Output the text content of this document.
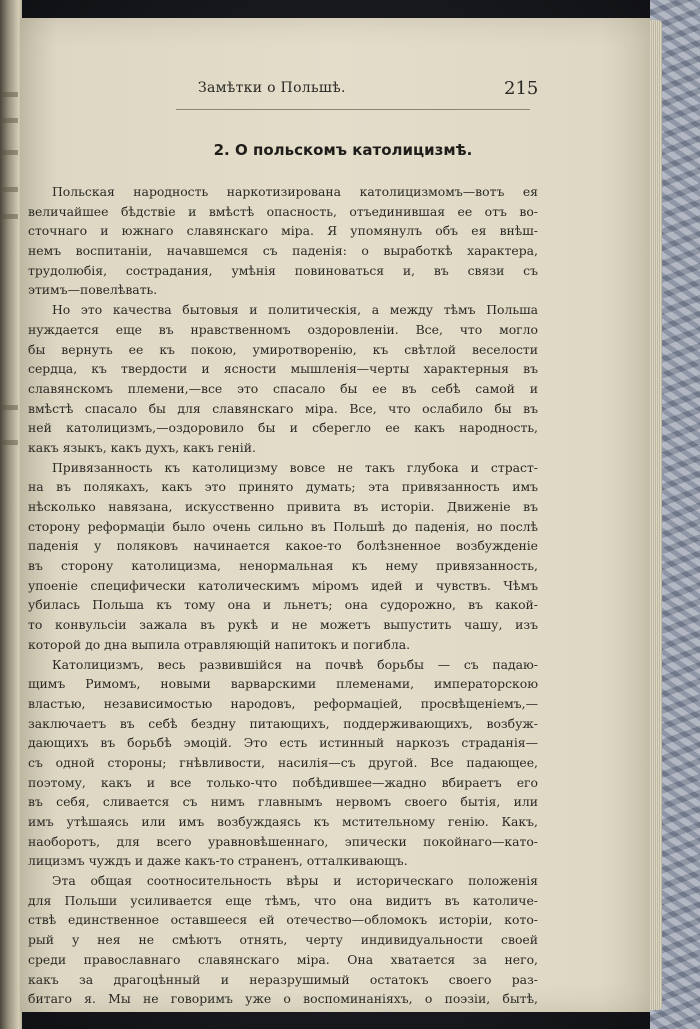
Замѣтки о Польшѣ.	215
2. О польскомъ католицизмѣ.
Польская народность наркотизирована католицизмомъ—вотъ ея
величайшее бѣдствіе и вмѣстѣ опасность, отъединившая ее отъ во-
сточнаго и южнаго славянскаго міра. Я упомянулъ объ ея внѣш-
немъ воспитаніи, начавшемся съ паденія: о выработкѣ характера,
трудолюбія, сострадания, умѣнія повиноваться и, въ связи съ
этимъ—повелѣвать.
Но это качества бытовыя и политическія, а между тѣмъ Польша
нуждается еще въ нравственномъ оздоровленіи. Все, что могло
бы вернуть ее къ покою, умиротворенію, къ свѣтлой веселости
сердца, къ твердости и ясности мышленія—черты характерныя въ
славянскомъ племени,—все это спасало бы ее въ себѣ самой и
вмѣстѣ спасало бы для славянскаго міра. Все, что ослабило бы въ
ней католицизмъ,—оздоровило бы и сберегло ее какъ народность,
какъ языкъ, какъ духъ, какъ геній.
Привязанность къ католицизму вовсе не такъ глубока и страст-
на въ полякахъ, какъ это принято думать; эта привязанность имъ
нѣсколько навязана, искусственно привита въ исторіи. Движеніе въ
сторону реформаціи было очень сильно въ Польшѣ до паденія, но послѣ
паденія у поляковъ начинается какое-то болѣзненное возбужденіе
въ сторону католицизма, ненормальная къ нему привязанность,
упоеніе специфически католическимъ міромъ идей и чувствъ. Чѣмъ
убилась Польша къ тому она и льнетъ; она судорожно, въ какой-
то конвульсіи зажала въ рукѣ и не можетъ выпустить чашу, изъ
которой до дна выпила отравляющій напитокъ и погибла.
Католицизмъ, весь развившійся на почвѣ борьбы — съ падаю-
щимъ Римомъ, новыми варварскими племенами, императорскою
властью, независимостью народовъ, реформаціей, просвѣщеніемъ,—
заключаетъ въ себѣ бездну питающихъ, поддерживающихъ, возбуж-
дающихъ въ борьбѣ эмоцій. Это есть истинный наркозъ страданія—
съ одной стороны; гнѣвливости, насилія—съ другой. Все падающее,
поэтому, какъ и все только-что побѣдившее—жадно вбираетъ его
въ себя, сливается съ нимъ главнымъ нервомъ своего бытія, или
имъ утѣшаясь или имъ возбуждаясь къ мстительному генію. Какъ,
наоборотъ, для всего уравновѣшеннаго, эпически покойнаго—като-
лицизмъ чуждъ и даже какъ-то страненъ, отталкивающъ.
Эта общая соотносительность вѣры и историческаго положенія
для Польши усиливается еще тѣмъ, что она видитъ въ католиче-
ствѣ единственное оставшееся ей отечество—обломокъ исторіи, кото-
рый у нея не смѣютъ отнять, черту индивидуальности своей
среди православнаго славянскаго міра. Она хватается за него,
какъ за драгоцѣнный и неразрушимый остатокъ своего раз-
битаго я. Мы не говоримъ уже о воспоминаніяхъ, о поэзіи, бытѣ,
